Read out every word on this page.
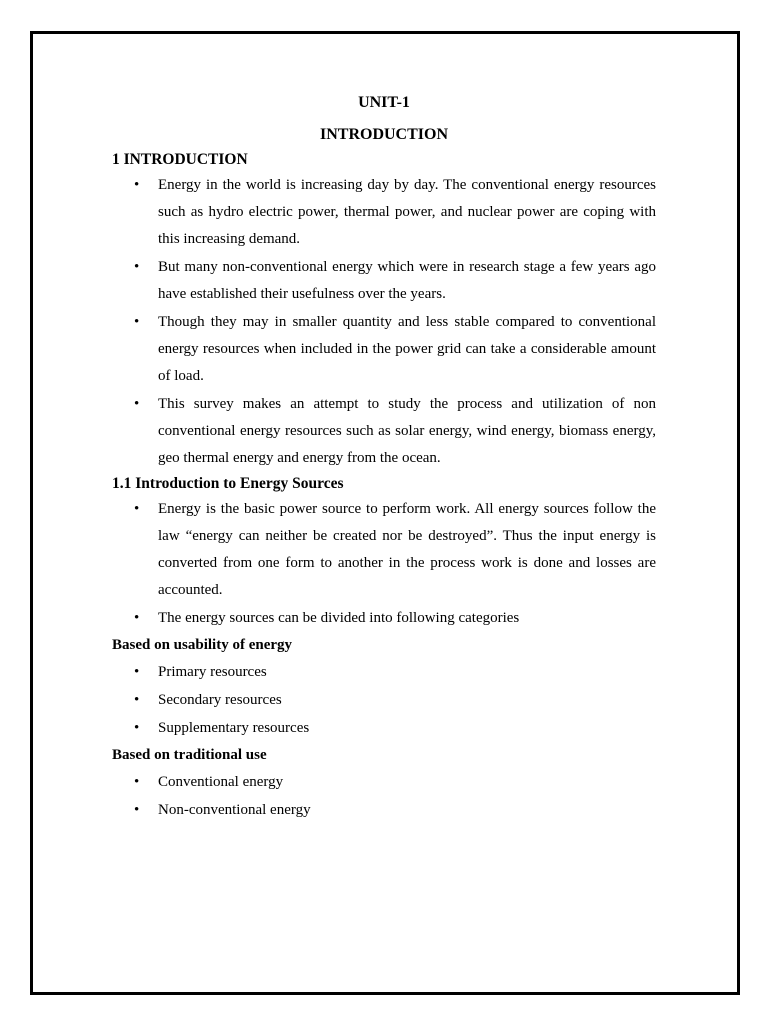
UNIT-1

INTRODUCTION

1 INTRODUCTION
• Energy in the world is increasing day by day. The conventional energy resources such as hydro electric power, thermal power, and nuclear power are coping with this increasing demand.
• But many non-conventional energy which were in research stage a few years ago have established their usefulness over the years.
• Though they may in smaller quantity and less stable compared to conventional energy resources when included in the power grid can take a considerable amount of load.
• This survey makes an attempt to study the process and utilization of non conventional energy resources such as solar energy, wind energy, biomass energy, geo thermal energy and energy from the ocean.
1.1 Introduction to Energy Sources
• Energy is the basic power source to perform work. All energy sources follow the law “energy can neither be created nor be destroyed”. Thus the input energy is converted from one form to another in the process work is done and losses are accounted.
• The energy sources can be divided into following categories

Based on usability of energy

• Primary resources
• Secondary resources
• Supplementary resources

Based on traditional use

• Conventional energy
• Non-conventional energy
